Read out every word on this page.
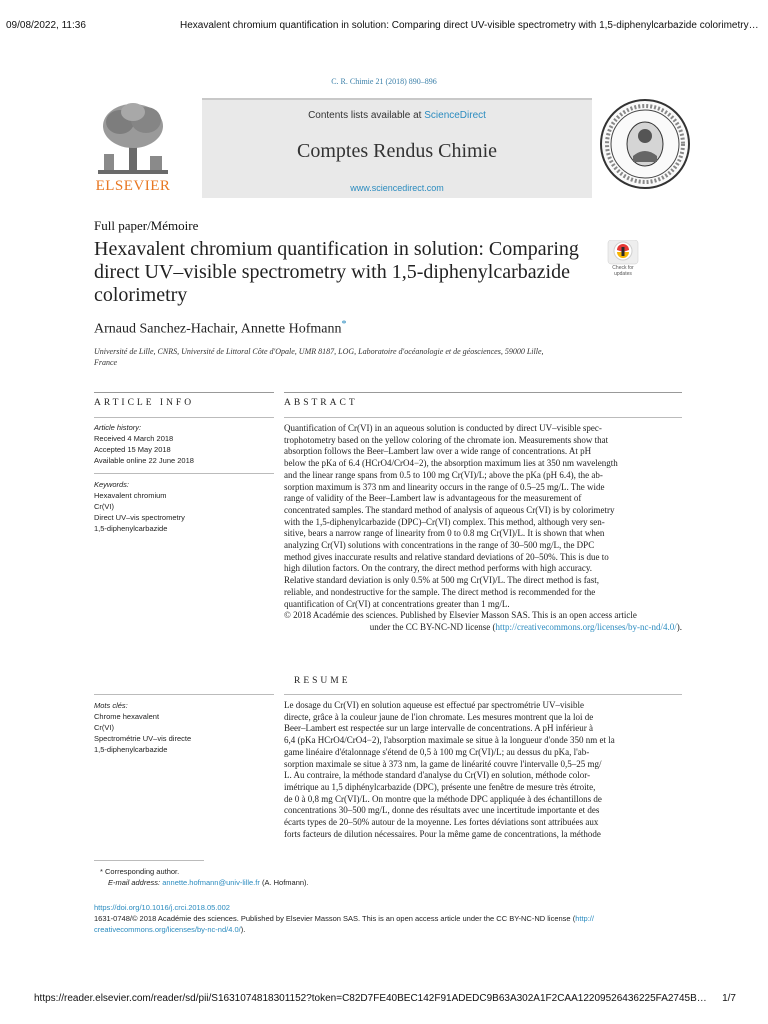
09/08/2022, 11:36	Hexavalent chromium quantification in solution: Comparing direct UV-visible spectrometry with 1,5-diphenylcarbazide colorimetry…
C. R. Chimie 21 (2018) 890–896
ELSEVIER
Contents lists available at ScienceDirect
Comptes Rendus Chimie
www.sciencedirect.com
Full paper/Mémoire
Hexavalent chromium quantification in solution: Comparing
direct UV–visible spectrometry with 1,5-diphenylcarbazide
colorimetry
Check for updates
Arnaud Sanchez-Hachair, Annette Hofmann*
Université de Lille, CNRS, Université de Littoral Côte d'Opale, UMR 8187, LOG, Laboratoire d'océanologie et de géosciences, 59000 Lille,
France
ARTICLE INFO	ABSTRACT
Article history:
Received 4 March 2018
Accepted 15 May 2018
Available online 22 June 2018
Keywords:
Hexavalent chromium
Cr(VI)
Direct UV–vis spectrometry
1,5-diphenylcarbazide
Quantification of Cr(VI) in an aqueous solution is conducted by direct UV–visible spec-
trophotometry based on the yellow coloring of the chromate ion. Measurements show that
absorption follows the Beer–Lambert law over a wide range of concentrations. At pH
below the pKa of 6.4 (HCrO4/CrO4−2), the absorption maximum lies at 350 nm wavelength
and the linear range spans from 0.5 to 100 mg Cr(VI)/L; above the pKa (pH 6.4), the ab-
sorption maximum is 373 nm and linearity occurs in the range of 0.5–25 mg/L. The wide
range of validity of the Beer–Lambert law is advantageous for the measurement of
concentrated samples. The standard method of analysis of aqueous Cr(VI) is by colorimetry
with the 1,5-diphenylcarbazide (DPC)–Cr(VI) complex. This method, although very sen-
sitive, bears a narrow range of linearity from 0 to 0.8 mg Cr(VI)/L. It is shown that when
analyzing Cr(VI) solutions with concentrations in the range of 30–500 mg/L, the DPC
method gives inaccurate results and relative standard deviations of 20–50%. This is due to
high dilution factors. On the contrary, the direct method performs with high accuracy.
Relative standard deviation is only 0.5% at 500 mg Cr(VI)/L. The direct method is fast,
reliable, and nondestructive for the sample. The direct method is recommended for the
quantification of Cr(VI) at concentrations greater than 1 mg/L.
© 2018 Académie des sciences. Published by Elsevier Masson SAS. This is an open access article
under the CC BY-NC-ND license (http://creativecommons.org/licenses/by-nc-nd/4.0/).
RESUME
Mots clés:
Chrome hexavalent
Cr(VI)
Spectrométrie UV–vis directe
1,5-diphenylcarbazide
Le dosage du Cr(VI) en solution aqueuse est effectué par spectrométrie UV–visible
directe, grâce à la couleur jaune de l'ion chromate. Les mesures montrent que la loi de
Beer–Lambert est respectée sur un large intervalle de concentrations. A pH inférieur à
6,4 (pKa HCrO4/CrO4−2), l'absorption maximale se situe à la longueur d'onde 350 nm et la
game linéaire d'étalonnage s'étend de 0,5 à 100 mg Cr(VI)/L; au dessus du pKa, l'ab-
sorption maximale se situe à 373 nm, la game de linéarité couvre l'intervalle 0,5–25 mg/
L. Au contraire, la méthode standard d'analyse du Cr(VI) en solution, méthode color-
imétrique au 1,5 diphénylcarbazide (DPC), présente une fenêtre de mesure très étroite,
de 0 à 0,8 mg Cr(VI)/L. On montre que la méthode DPC appliquée à des échantillons de
concentrations 30–500 mg/L, donne des résultats avec une incertitude importante et des
écarts types de 20–50% autour de la moyenne. Les fortes déviations sont attribuées aux
forts facteurs de dilution nécessaires. Pour la même game de concentrations, la méthode
* Corresponding author.
E-mail address: annette.hofmann@univ-lille.fr (A. Hofmann).
https://doi.org/10.1016/j.crci.2018.05.002
1631-0748/© 2018 Académie des sciences. Published by Elsevier Masson SAS. This is an open access article under the CC BY-NC-ND license (http://
creativecommons.org/licenses/by-nc-nd/4.0/).
https://reader.elsevier.com/reader/sd/pii/S1631074818301152?token=C82D7FE40BEC142F91ADEDC9B63A302A1F2CAA12209526436225FA2745B… 1/7
